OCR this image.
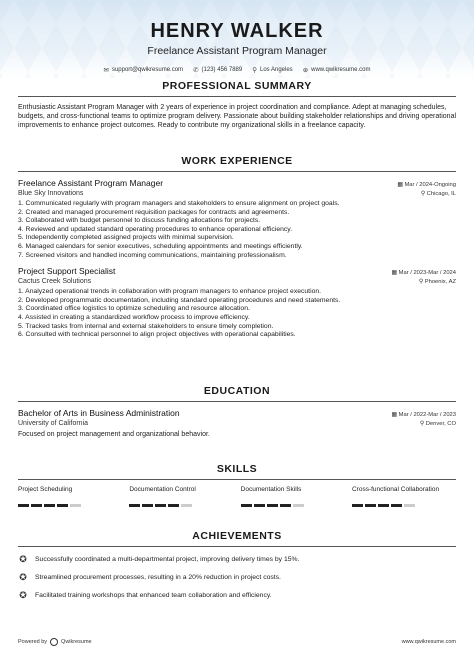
HENRY WALKER
Freelance Assistant Program Manager
✉ support@qwikresume.com ✆ (123) 456 7889 ⚲ Los Angeles ⊕ www.qwikresume.com
PROFESSIONAL SUMMARY
Enthusiastic Assistant Program Manager with 2 years of experience in project coordination and compliance. Adept at managing schedules, budgets, and cross-functional teams to optimize program delivery. Passionate about building stakeholder relationships and driving operational improvements to enhance project outcomes. Ready to contribute my organizational skills in a freelance capacity.
WORK EXPERIENCE
Freelance Assistant Program Manager	▦ Mar / 2024-Ongoing
Blue Sky Innovations	⚲ Chicago, IL
1. Communicated regularly with program managers and stakeholders to ensure alignment on project goals.
2. Created and managed procurement requisition packages for contracts and agreements.
3. Collaborated with budget personnel to discuss funding allocations for projects.
4. Reviewed and updated standard operating procedures to enhance operational efficiency.
5. Independently completed assigned projects with minimal supervision.
6. Managed calendars for senior executives, scheduling appointments and meetings efficiently.
7. Screened visitors and handled incoming communications, maintaining professionalism.
Project Support Specialist	▦ Mar / 2023-Mar / 2024
Cactus Creek Solutions	⚲ Phoenix, AZ
1. Analyzed operational trends in collaboration with program managers to enhance project execution.
2. Developed programmatic documentation, including standard operating procedures and need statements.
3. Coordinated office logistics to optimize scheduling and resource allocation.
4. Assisted in creating a standardized workflow process to improve efficiency.
5. Tracked tasks from internal and external stakeholders to ensure timely completion.
6. Consulted with technical personnel to align project objectives with operational capabilities.
EDUCATION
Bachelor of Arts in Business Administration	▦ Mar / 2022-Mar / 2023
University of California	⚲ Denver, CO
Focused on project management and organizational behavior.
SKILLS
Project Scheduling	Documentation Control	Documentation Skills	Cross-functional Collaboration
ACHIEVEMENTS
✪ Successfully coordinated a multi-departmental project, improving delivery times by 15%.
✪ Streamlined procurement processes, resulting in a 20% reduction in project costs.
✪ Facilitated training workshops that enhanced team collaboration and efficiency.
Powered by	Qwikresume	www.qwikresume.com
